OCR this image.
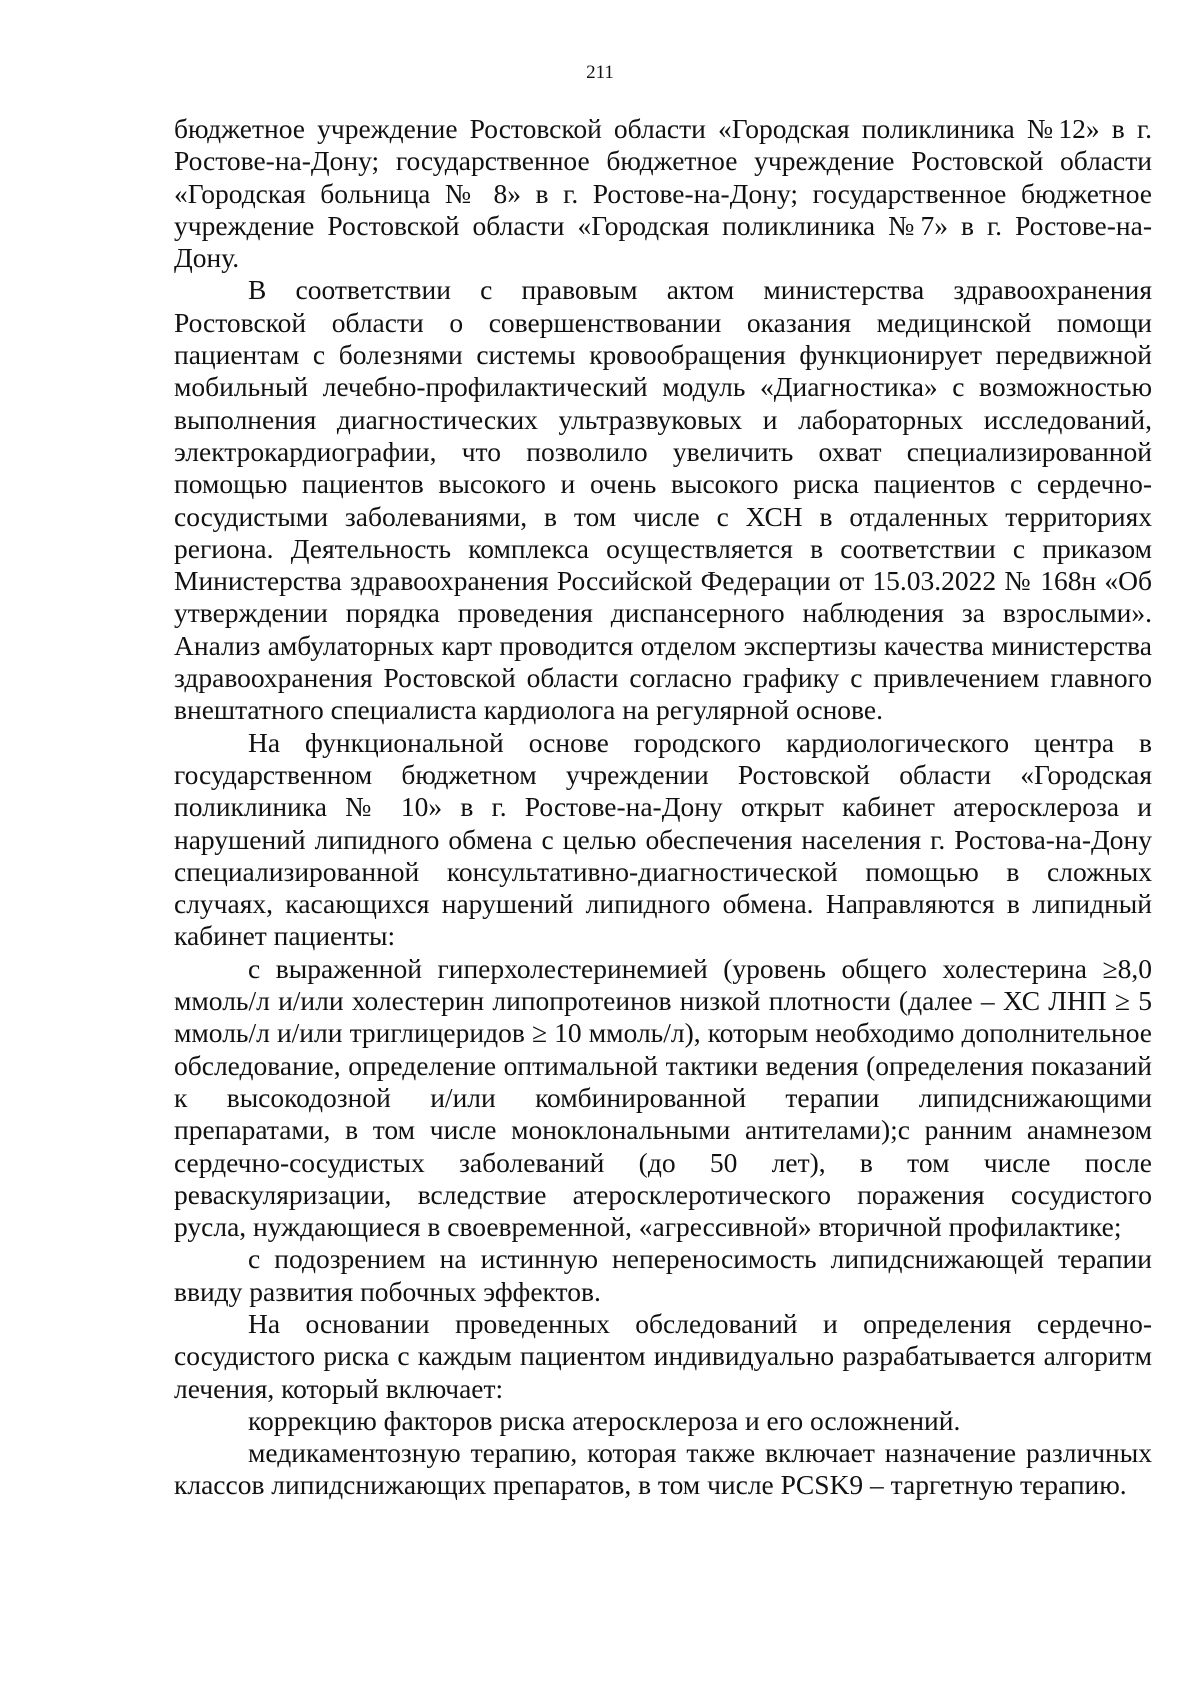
211

бюджетное учреждение Ростовской области «Городская поликлиника №12» в г. Ростове-на-Дону; государственное бюджетное учреждение Ростовской области «Городская больница № 8» в г. Ростове-на-Дону; государственное бюджетное учреждение Ростовской области «Городская поликлиника №7» в г. Ростове-на-Дону.

В соответствии с правовым актом министерства здравоохранения Ростовской области о совершенствовании оказания медицинской помощи пациентам с болезнями системы кровообращения функционирует передвижной мобильный лечебно-профилактический модуль «Диагностика» с возможностью выполнения диагностических ультразвуковых и лабораторных исследований, электрокардиографии, что позволило увеличить охват специализированной помощью пациентов высокого и очень высокого риска пациентов с сердечно-сосудистыми заболеваниями, в том числе с ХСН в отдаленных территориях региона. Деятельность комплекса осуществляется в соответствии с приказом Министерства здравоохранения Российской Федерации от 15.03.2022 № 168н «Об утверждении порядка проведения диспансерного наблюдения за взрослыми». Анализ амбулаторных карт проводится отделом экспертизы качества министерства здравоохранения Ростовской области согласно графику с привлечением главного внештатного специалиста кардиолога на регулярной основе.

На функциональной основе городского кардиологического центра в государственном бюджетном учреждении Ростовской области «Городская поликлиника № 10» в г. Ростове-на-Дону открыт кабинет атеросклероза и нарушений липидного обмена с целью обеспечения населения г. Ростова-на-Дону специализированной консультативно-диагностической помощью в сложных случаях, касающихся нарушений липидного обмена. Направляются в липидный кабинет пациенты:

с выраженной гиперхолестеринемией (уровень общего холестерина ≥8,0 ммоль/л и/или холестерин липопротеинов низкой плотности (далее – ХС ЛНП ≥ 5 ммоль/л и/или триглицеридов ≥ 10 ммоль/л), которым необходимо дополнительное обследование, определение оптимальной тактики ведения (определения показаний к высокодозной и/или комбинированной терапии липидснижающими препаратами, в том числе моноклональными антителами);с ранним анамнезом сердечно-сосудистых заболеваний (до 50 лет), в том числе после реваскуляризации, вследствие атеросклеротического поражения сосудистого русла, нуждающиеся в своевременной, «агрессивной» вторичной профилактике;

с подозрением на истинную непереносимость липидснижающей терапии ввиду развития побочных эффектов.

На основании проведенных обследований и определения сердечно-сосудистого риска с каждым пациентом индивидуально разрабатывается алгоритм лечения, который включает:

коррекцию факторов риска атеросклероза и его осложнений.

медикаментозную терапию, которая также включает назначение различных классов липидснижающих препаратов, в том числе PCSK9 – таргетную терапию.
